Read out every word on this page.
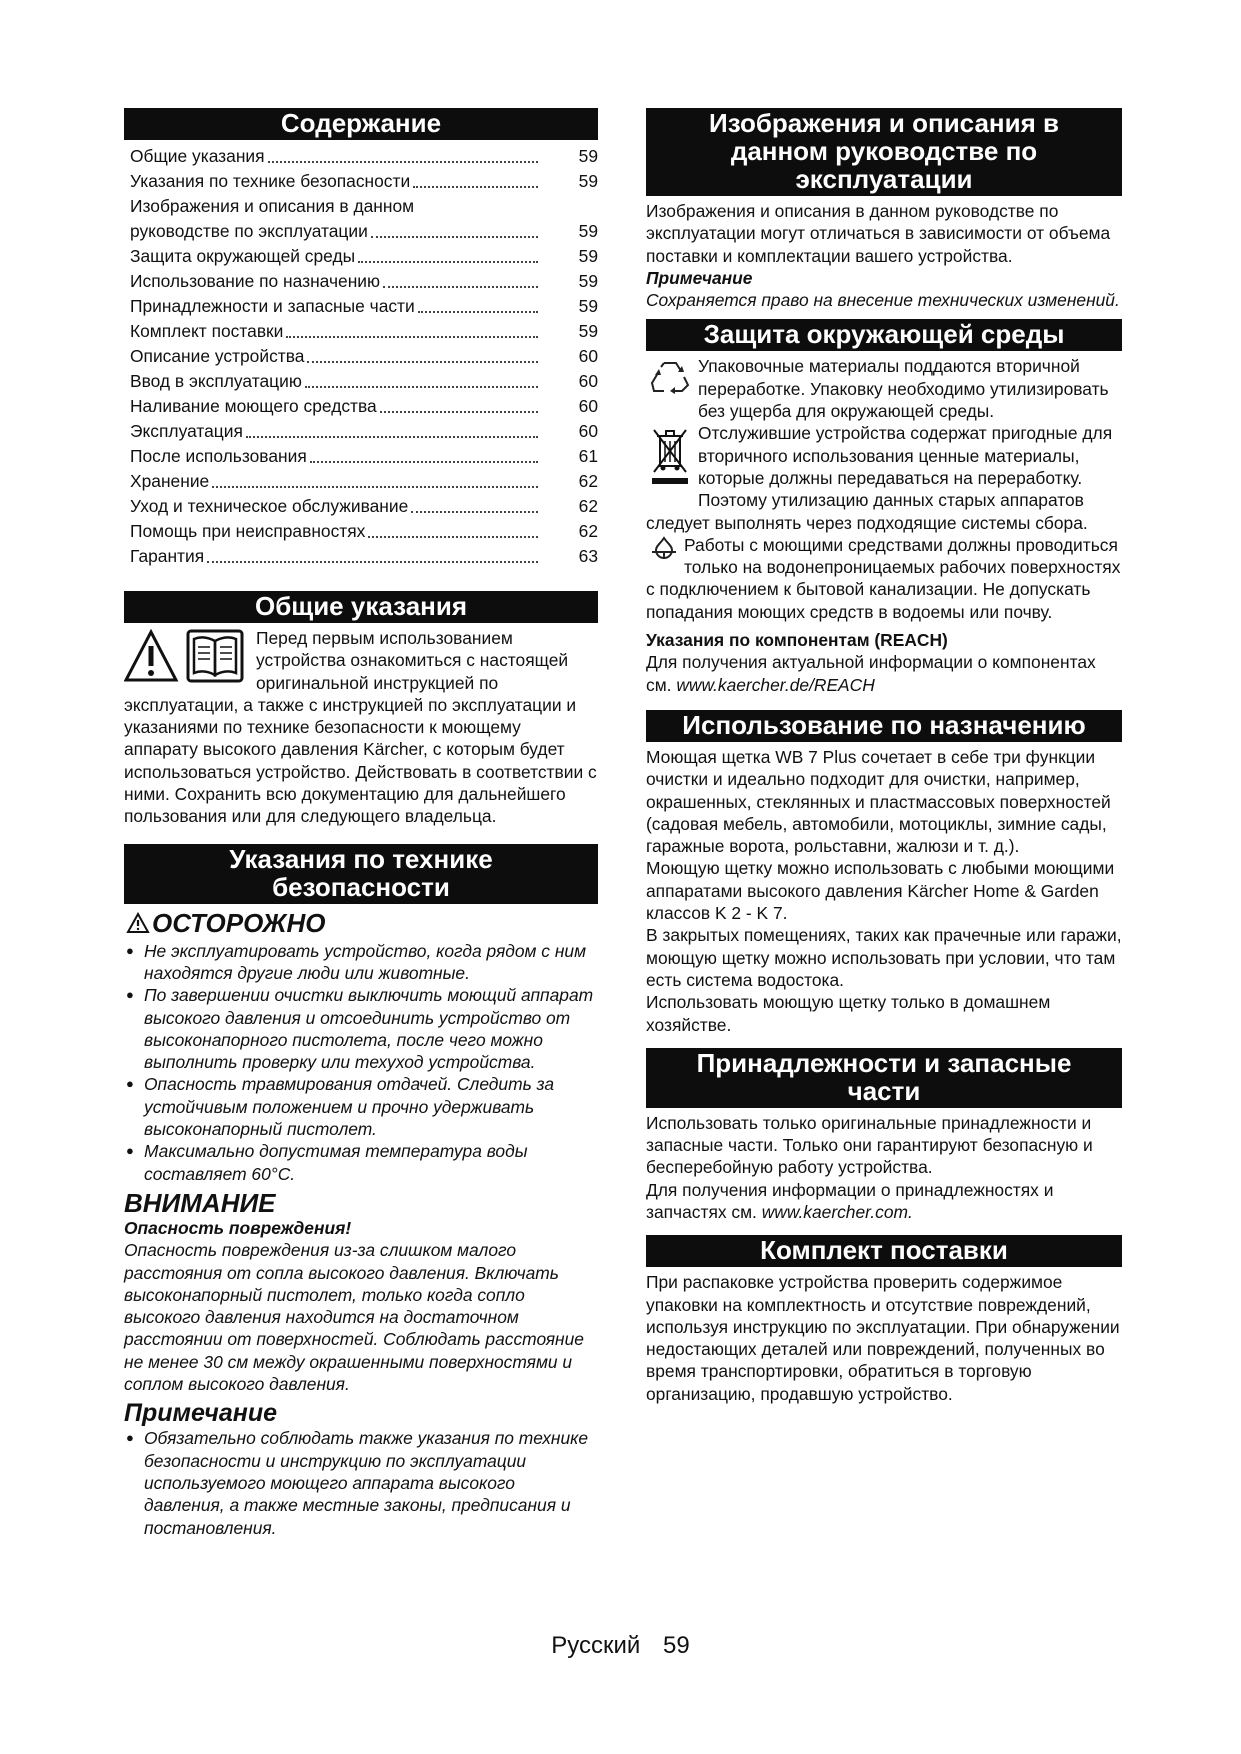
Содержание
Общие указания	59
Указания по технике безопасности	59
Изображения и описания в данном
руководстве по эксплуатации	59
Защита окружающей среды	59
Использование по назначению	59
Принадлежности и запасные части	59
Комплект поставки	59
Описание устройства	60
Ввод в эксплуатацию	60
Наливание моющего средства	60
Эксплуатация	60
После использования	61
Хранение	62
Уход и техническое обслуживание	62
Помощь при неисправностях	62
Гарантия	63
Общие указания

Перед первым использованием устройства ознакомиться с настоящей оригинальной инструкцией по эксплуатации, а также с инструкцией по эксплуатации и указаниями по технике безопасности к моющему аппарату высокого давления Kärcher, с которым будет использоваться устройство. Действовать в соответствии с ними. Сохранить всю документацию для дальнейшего пользования или для следующего владельца.

Указания по технике
безопасности
ОСТОРОЖНО
● Не эксплуатировать устройство, когда рядом с ним находятся другие люди или животные.
● По завершении очистки выключить моющий аппарат высокого давления и отсоединить устройство от высоконапорного пистолета, после чего можно выполнить проверку или техуход устройства.
● Опасность травмирования отдачей. Следить за устойчивым положением и прочно удерживать высоконапорный пистолет.
● Максимально допустимая температура воды составляет 60°C.
ВНИМАНИЕ

Опасность повреждения!

Опасность повреждения из-за слишком малого расстояния от сопла высокого давления. Включать высоконапорный пистолет, только когда сопло высокого давления находится на достаточном расстоянии от поверхностей. Соблюдать расстояние не менее 30 см между окрашенными поверхностями и соплом высокого давления.

Примечание
● Обязательно соблюдать также указания по технике безопасности и инструкцию по эксплуатации используемого моющего аппарата высокого давления, а также местные законы, предписания и постановления.
Изображения и описания в
данном руководстве по
эксплуатации

Изображения и описания в данном руководстве по эксплуатации могут отличаться в зависимости от объема поставки и комплектации вашего устройства.

Примечание

Сохраняется право на внесение технических изменений.

Защита окружающей среды

Упаковочные материалы поддаются вторичной переработке. Упаковку необходимо утилизировать без ущерба для окружающей среды.

Отслужившие устройства содержат пригодные для вторичного использования ценные материалы, которые должны передаваться на переработку. Поэтому утилизацию данных старых аппаратов следует выполнять через подходящие системы сбора.

Работы с моющими средствами должны проводиться только на водонепроницаемых рабочих поверхностях с подключением к бытовой канализации. Не допускать попадания моющих средств в водоемы или почву.

Указания по компонентам (REACH)

Для получения актуальной информации о компонентах см. www.kaercher.de/REACH

Использование по назначению

Моющая щетка WB 7 Plus сочетает в себе три функции очистки и идеально подходит для очистки, например, окрашенных, стеклянных и пластмассовых поверхностей (садовая мебель, автомобили, мотоциклы, зимние сады, гаражные ворота, рольставни, жалюзи и т. д.).

Моющую щетку можно использовать с любыми моющими аппаратами высокого давления Kärcher Home & Garden классов K 2 - K 7.

В закрытых помещениях, таких как прачечные или гаражи, моющую щетку можно использовать при условии, что там есть система водостока.

Использовать моющую щетку только в домашнем хозяйстве.

Принадлежности и запасные
части

Использовать только оригинальные принадлежности и запасные части. Только они гарантируют безопасную и бесперебойную работу устройства.

Для получения информации о принадлежностях и запчастях см. www.kaercher.com.

Комплект поставки

При распаковке устройства проверить содержимое упаковки на комплектность и отсутствие повреждений, используя инструкцию по эксплуатации. При обнаружении недостающих деталей или повреждений, полученных во время транспортировки, обратиться в торговую организацию, продавшую устройство.

Русский 59
